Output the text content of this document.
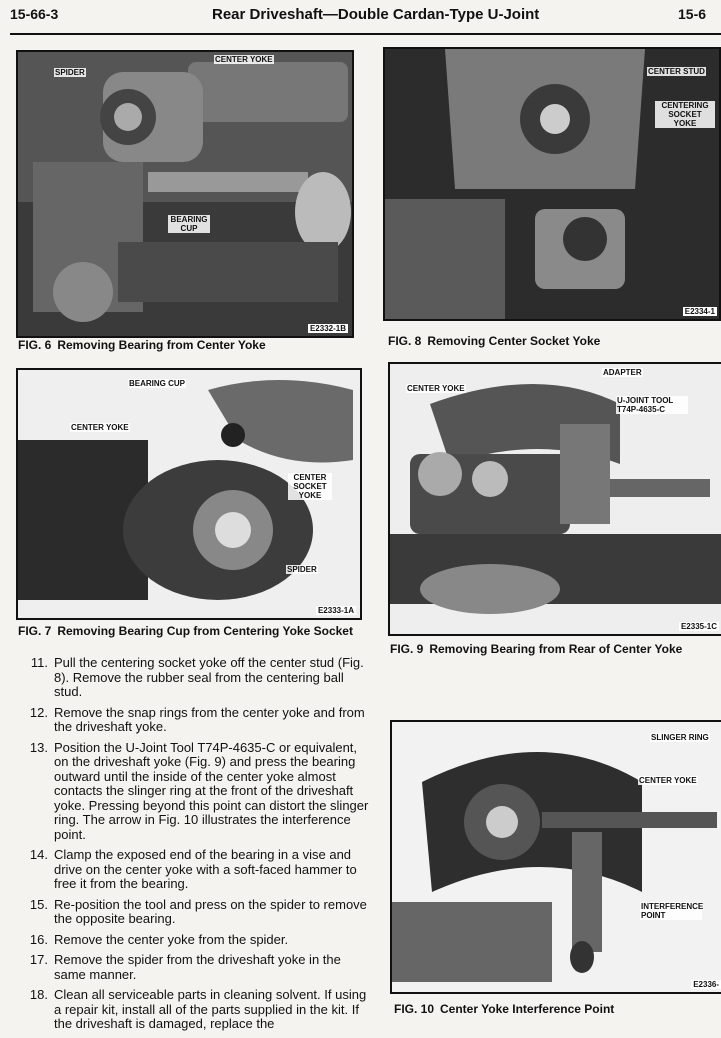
15-66-3	Rear Driveshaft—Double Cardan-Type U-Joint	15-6
CENTER YOKE
SPIDER
BEARING CUP
E2332-1B
FIG. 6 Removing Bearing from Center Yoke
BEARING CUP
CENTER YOKE
CENTER SOCKET YOKE
SPIDER
E2333-1A
FIG. 7 Removing Bearing Cup from Centering Yoke Socket
CENTER STUD
CENTERING SOCKET YOKE
E2334-1
FIG. 8 Removing Center Socket Yoke
ADAPTER
CENTER YOKE
U-JOINT TOOL T74P-4635-C
E2335-1C
FIG. 9 Removing Bearing from Rear of Center Yoke
SLINGER RING
CENTER YOKE
INTERFERENCE POINT
E2336-
FIG. 10 Center Yoke Interference Point
11. Pull the centering socket yoke off the center stud (Fig. 8). Remove the rubber seal from the centering ball stud.
12. Remove the snap rings from the center yoke and from the driveshaft yoke.
13. Position the U-Joint Tool T74P-4635-C or equivalent, on the driveshaft yoke (Fig. 9) and press the bearing outward until the inside of the center yoke almost contacts the slinger ring at the front of the driveshaft yoke. Pressing beyond this point can distort the slinger ring. The arrow in Fig. 10 illustrates the interference point.
14. Clamp the exposed end of the bearing in a vise and drive on the center yoke with a soft-faced hammer to free it from the bearing.
15. Re-position the tool and press on the spider to remove the opposite bearing.
16. Remove the center yoke from the spider.
17. Remove the spider from the driveshaft yoke in the same manner.
18. Clean all serviceable parts in cleaning solvent. If using a repair kit, install all of the parts supplied in the kit. If the driveshaft is damaged, replace the
